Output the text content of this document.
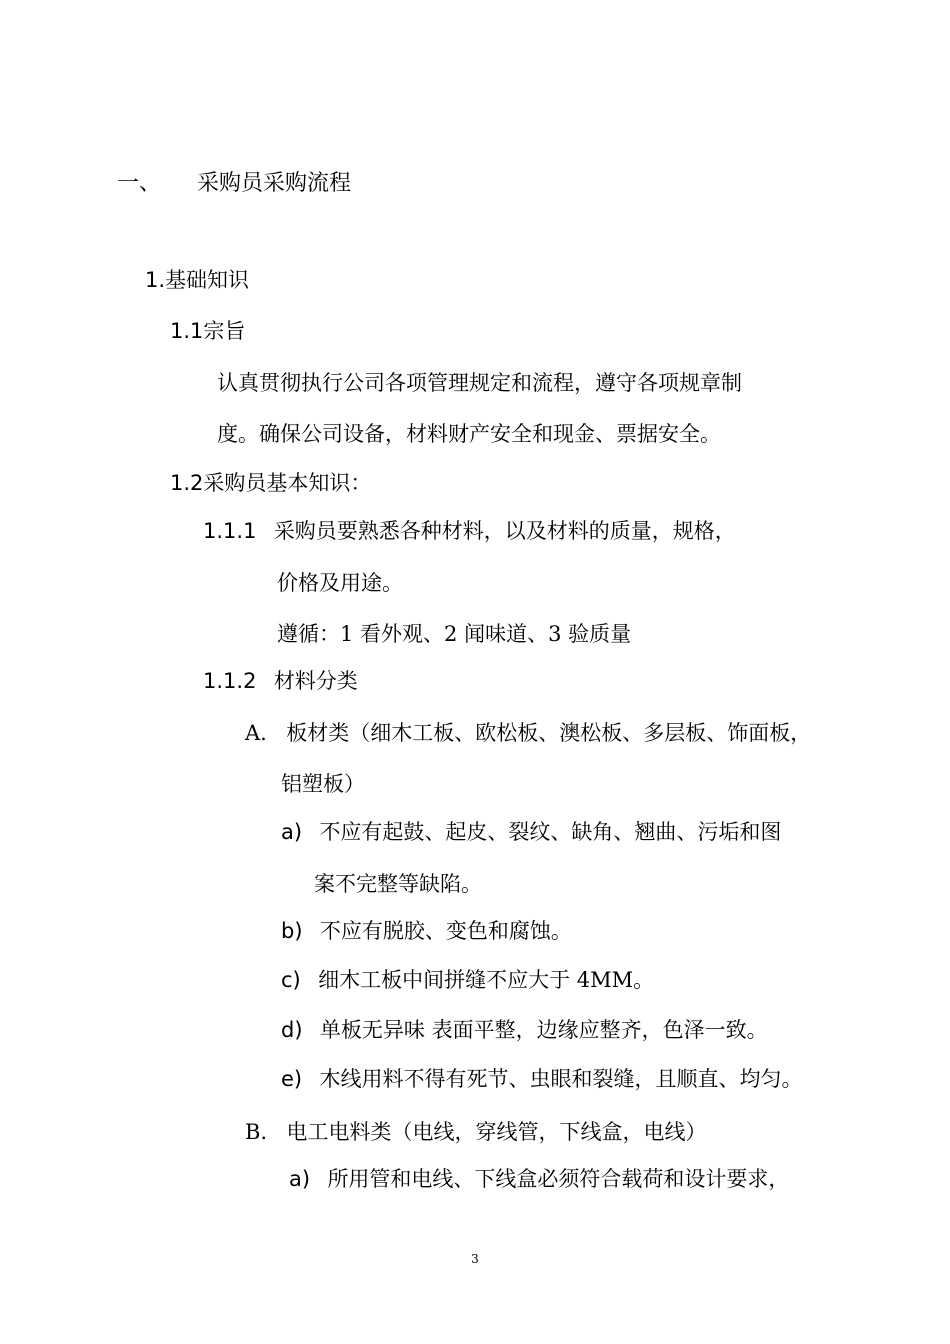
一、 采购员采购流程
1.基础知识
1.1宗旨
认真贯彻执行公司各项管理规定和流程，遵守各项规章制
度。确保公司设备，材料财产安全和现金、票据安全。
1.2采购员基本知识：
1.1.1 采购员要熟悉各种材料，以及材料的质量，规格，
价格及用途。
遵循：1 看外观、2 闻味道、3 验质量
1.1.2 材料分类
A. 板材类（细木工板、欧松板、澳松板、多层板、饰面板，
铝塑板）
a) 不应有起鼓、起皮、裂纹、缺角、翘曲、污垢和图
案不完整等缺陷。
b) 不应有脱胶、变色和腐蚀。
c) 细木工板中间拼缝不应大于 4MM。
d) 单板无异味 表面平整，边缘应整齐，色泽一致。
e) 木线用料不得有死节、虫眼和裂缝，且顺直、均匀。
B. 电工电料类（电线，穿线管，下线盒，电线）
a) 所用管和电线、下线盒必须符合载荷和设计要求，
3
